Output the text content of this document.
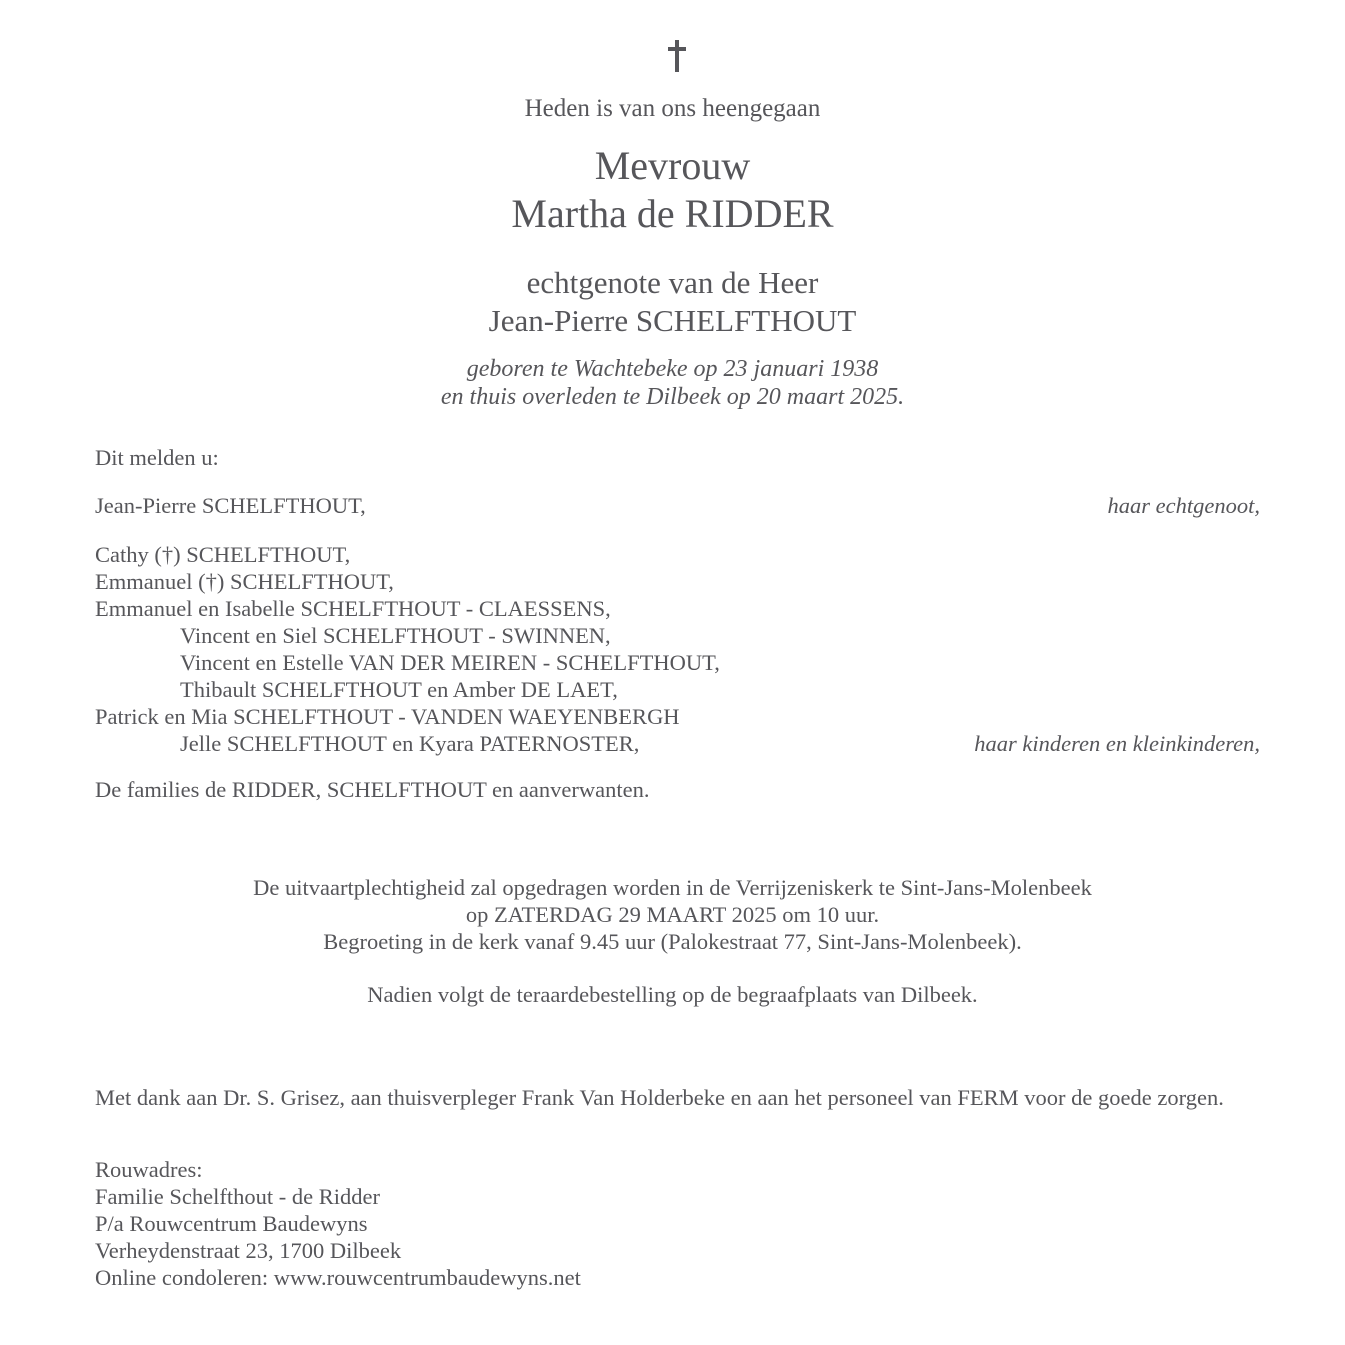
Heden is van ons heengegaan
Mevrouw
Martha de RIDDER
echtgenote van de Heer
Jean-Pierre SCHELFTHOUT
geboren te Wachtebeke op 23 januari 1938
en thuis overleden te Dilbeek op 20 maart 2025.
Dit melden u:
Jean-Pierre SCHELFTHOUT,	haar echtgenoot,
Cathy (†) SCHELFTHOUT,
Emmanuel (†) SCHELFTHOUT,
Emmanuel en Isabelle SCHELFTHOUT - CLAESSENS,
Vincent en Siel SCHELFTHOUT - SWINNEN,
Vincent en Estelle VAN DER MEIREN - SCHELFTHOUT,
Thibault SCHELFTHOUT en Amber DE LAET,
Patrick en Mia SCHELFTHOUT - VANDEN WAEYENBERGH
Jelle SCHELFTHOUT en Kyara PATERNOSTER,	haar kinderen en kleinkinderen,
De families de RIDDER, SCHELFTHOUT en aanverwanten.
De uitvaartplechtigheid zal opgedragen worden in de Verrijzeniskerk te Sint-Jans-Molenbeek
op ZATERDAG 29 MAART 2025 om 10 uur.
Begroeting in de kerk vanaf 9.45 uur (Palokestraat 77, Sint-Jans-Molenbeek).
Nadien volgt de teraardebestelling op de begraafplaats van Dilbeek.
Met dank aan Dr. S. Grisez, aan thuisverpleger Frank Van Holderbeke en aan het personeel van FERM voor de goede zorgen.
Rouwadres:
Familie Schelfthout - de Ridder
P/a Rouwcentrum Baudewyns
Verheydenstraat 23, 1700 Dilbeek
Online condoleren: www.rouwcentrumbaudewyns.net
